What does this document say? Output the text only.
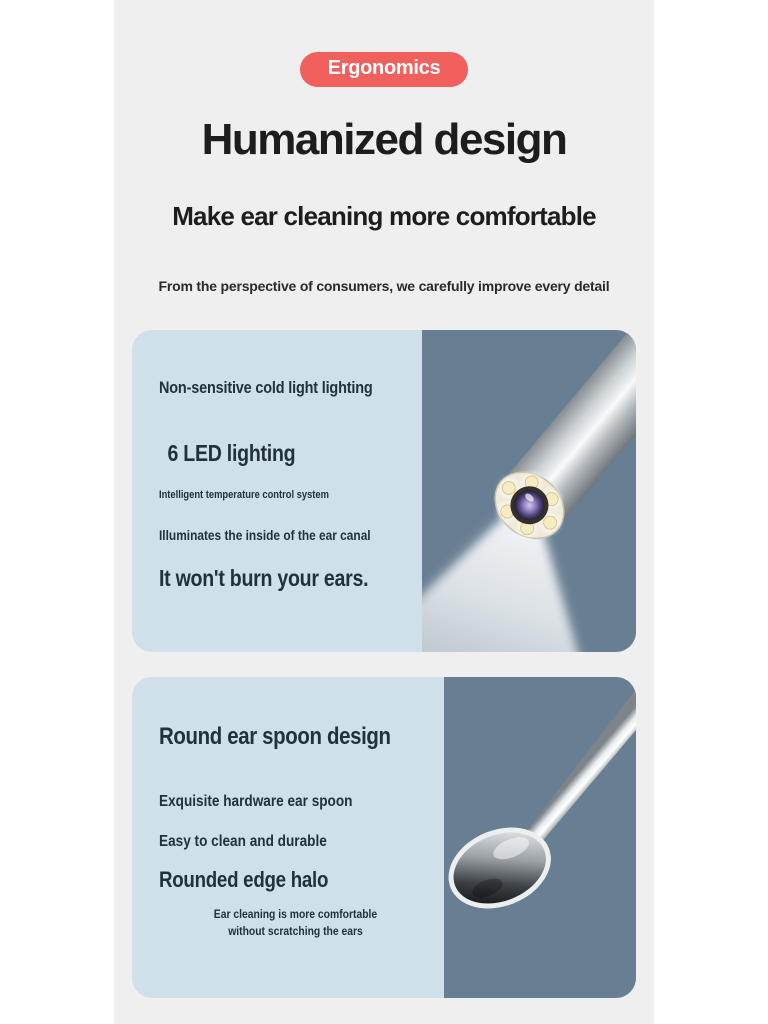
Ergonomics
Humanized design
Make ear cleaning more comfortable
From the perspective of consumers, we carefully improve every detail
Non-sensitive cold light lighting
6 LED lighting
Intelligent temperature control system
Illuminates the inside of the ear canal
It won't burn your ears.
Round ear spoon design
Exquisite hardware ear spoon
Easy to clean and durable
Rounded edge halo
Ear cleaning is more comfortable without scratching the ears
